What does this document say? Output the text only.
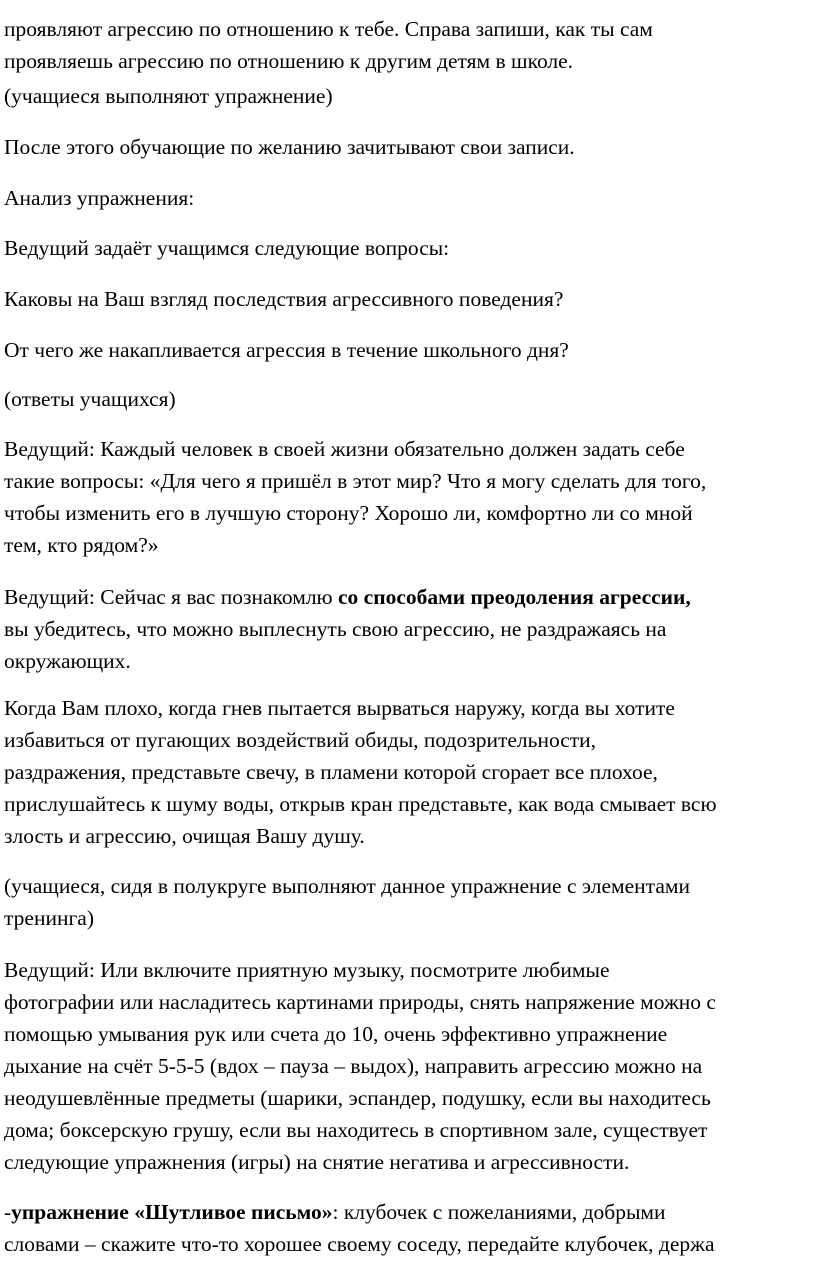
проявляют агрессию по отношению к тебе. Справа запиши, как ты сам
проявляешь агрессию по отношению к другим детям в школе.

(учащиеся выполняют упражнение)

После этого обучающие по желанию зачитывают свои записи.

Анализ упражнения:

Ведущий задаёт учащимся следующие вопросы:

Каковы на Ваш взгляд последствия агрессивного поведения?

От чего же накапливается агрессия в течение школьного дня?

(ответы учащихся)

Ведущий: Каждый человек в своей жизни обязательно должен задать себе
такие вопросы: «Для чего я пришёл в этот мир? Что я могу сделать для того,
чтобы изменить его в лучшую сторону? Хорошо ли, комфортно ли со мной
тем, кто рядом?»

Ведущий: Сейчас я вас познакомлю со способами преодоления агрессии,
вы убедитесь, что можно выплеснуть свою агрессию, не раздражаясь на
окружающих.

Когда Вам плохо, когда гнев пытается вырваться наружу, когда вы хотите
избавиться от пугающих воздействий обиды, подозрительности,
раздражения, представьте свечу, в пламени которой сгорает все плохое,
прислушайтесь к шуму воды, открыв кран представьте, как вода смывает всю
злость и агрессию, очищая Вашу душу.

(учащиеся, сидя в полукруге выполняют данное упражнение с элементами
тренинга)

Ведущий: Или включите приятную музыку, посмотрите любимые
фотографии или насладитесь картинами природы, снять напряжение можно с
помощью умывания рук или счета до 10, очень эффективно упражнение
дыхание на счёт 5-5-5 (вдох – пауза – выдох), направить агрессию можно на
неодушевлённые предметы (шарики, эспандер, подушку, если вы находитесь
дома; боксерскую грушу, если вы находитесь в спортивном зале, существует
следующие упражнения (игры) на снятие негатива и агрессивности.

-упражнение «Шутливое письмо»: клубочек с пожеланиями, добрыми
словами – скажите что-то хорошее своему соседу, передайте клубочек, держа
